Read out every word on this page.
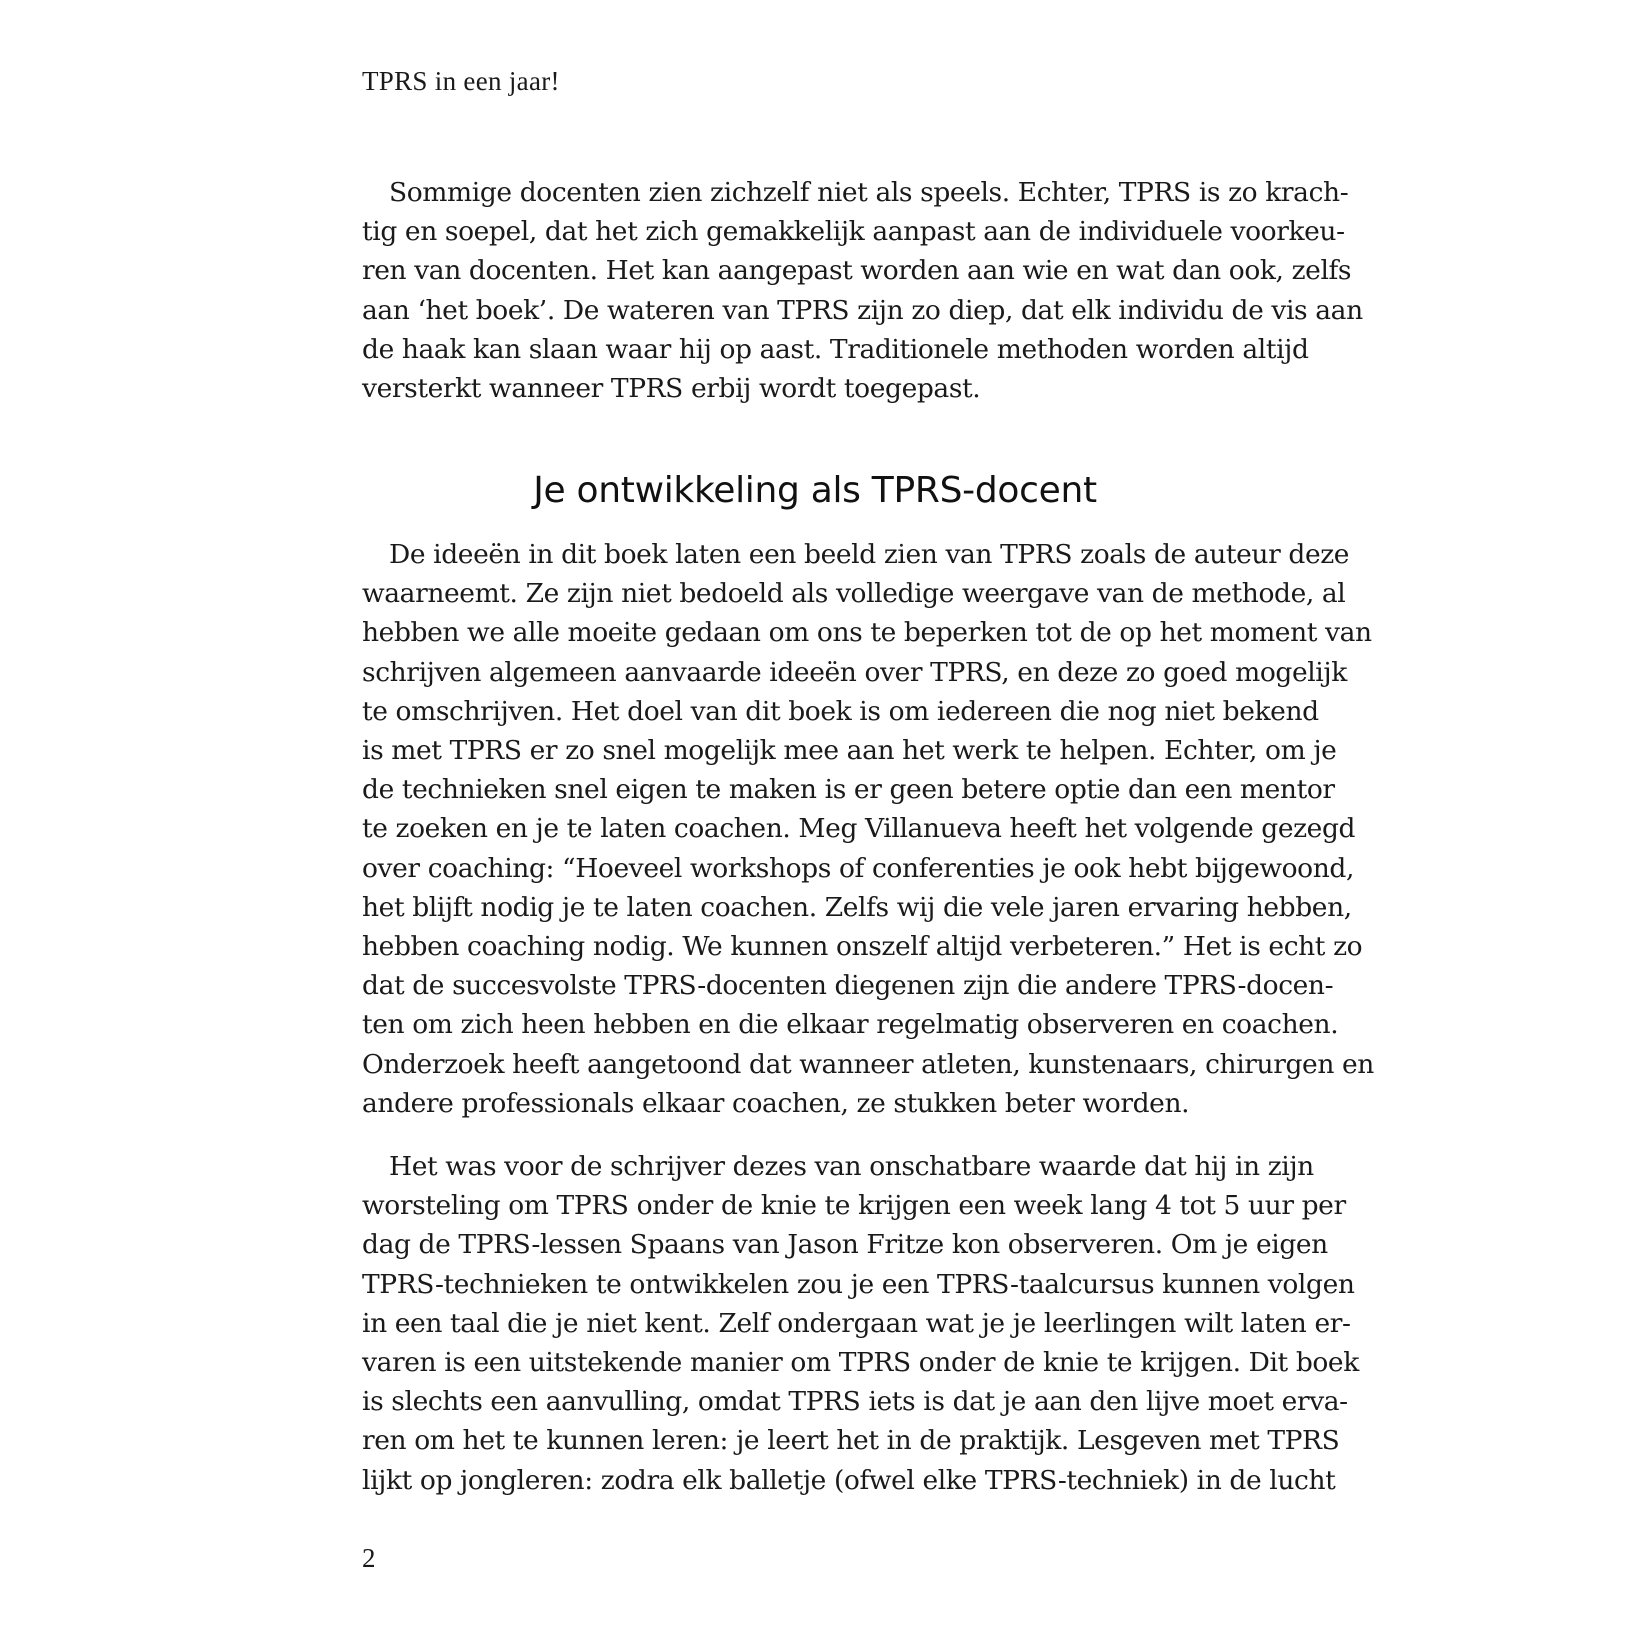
TPRS in een jaar!
Sommige docenten zien zichzelf niet als speels. Echter, TPRS is zo krach-
tig en soepel, dat het zich gemakkelijk aanpast aan de individuele voorkeu-
ren van docenten. Het kan aangepast worden aan wie en wat dan ook, zelfs
aan ‘het boek’. De wateren van TPRS zijn zo diep, dat elk individu de vis aan
de haak kan slaan waar hij op aast. Traditionele methoden worden altijd
versterkt wanneer TPRS erbij wordt toegepast.
Je ontwikkeling als TPRS-docent
De ideeën in dit boek laten een beeld zien van TPRS zoals de auteur deze
waarneemt. Ze zijn niet bedoeld als volledige weergave van de methode, al
hebben we alle moeite gedaan om ons te beperken tot de op het moment van
schrijven algemeen aanvaarde ideeën over TPRS, en deze zo goed mogelijk
te omschrijven. Het doel van dit boek is om iedereen die nog niet bekend
is met TPRS er zo snel mogelijk mee aan het werk te helpen. Echter, om je
de technieken snel eigen te maken is er geen betere optie dan een mentor
te zoeken en je te laten coachen. Meg Villanueva heeft het volgende gezegd
over coaching: “Hoeveel workshops of conferenties je ook hebt bijgewoond,
het blijft nodig je te laten coachen. Zelfs wij die vele jaren ervaring hebben,
hebben coaching nodig. We kunnen onszelf altijd verbeteren.” Het is echt zo
dat de succesvolste TPRS-docenten diegenen zijn die andere TPRS-docen-
ten om zich heen hebben en die elkaar regelmatig observeren en coachen.
Onderzoek heeft aangetoond dat wanneer atleten, kunstenaars, chirurgen en
andere professionals elkaar coachen, ze stukken beter worden.
Het was voor de schrijver dezes van onschatbare waarde dat hij in zijn
worsteling om TPRS onder de knie te krijgen een week lang 4 tot 5 uur per
dag de TPRS-lessen Spaans van Jason Fritze kon observeren. Om je eigen
TPRS-technieken te ontwikkelen zou je een TPRS-taalcursus kunnen volgen
in een taal die je niet kent. Zelf ondergaan wat je je leerlingen wilt laten er-
varen is een uitstekende manier om TPRS onder de knie te krijgen. Dit boek
is slechts een aanvulling, omdat TPRS iets is dat je aan den lijve moet erva-
ren om het te kunnen leren: je leert het in de praktijk. Lesgeven met TPRS
lijkt op jongleren: zodra elk balletje (ofwel elke TPRS-techniek) in de lucht
2
